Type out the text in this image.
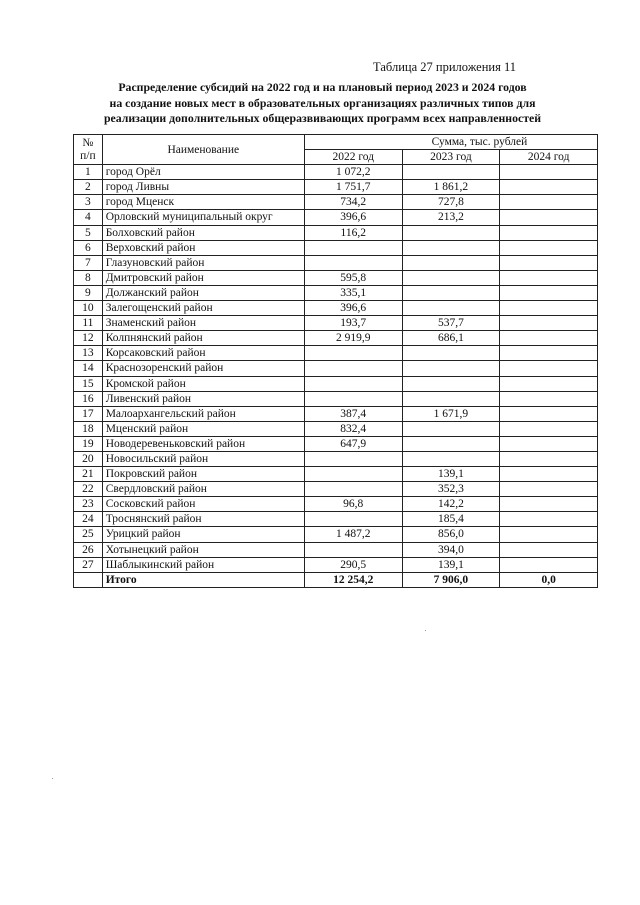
Таблица 27 приложения 11
Распределение субсидий на 2022 год и на плановый период 2023 и 2024 годов
на создание новых мест в образовательных организациях различных типов для
реализации дополнительных общеразвивающих программ всех направленностей
№ п/п	Наименование	Сумма, тыс. рублей		
		2022 год	2023 год	2024 год
1	город Орёл	1 072,2		
2	город Ливны	1 751,7	1 861,2	
3	город Мценск	734,2	727,8	
4	Орловский муниципальный округ	396,6	213,2	
5	Болховский район	116,2		
6	Верховский район			
7	Глазуновский район			
8	Дмитровский район	595,8		
9	Должанский район	335,1		
10	Залегощенский район	396,6		
11	Знаменский район	193,7	537,7	
12	Колпнянский район	2 919,9	686,1	
13	Корсаковский район			
14	Краснозоренский район			
15	Кромской район			
16	Ливенский район			
17	Малоархангельский район	387,4	1 671,9	
18	Мценский район	832,4		
19	Новодеревеньковский район	647,9		
20	Новосильский район			
21	Покровский район		139,1	
22	Свердловский район		352,3	
23	Сосковский район	96,8	142,2	
24	Троснянский район		185,4	
25	Урицкий район	1 487,2	856,0	
26	Хотынецкий район		394,0	
27	Шаблыкинский район	290,5	139,1	
	Итого	12 254,2	7 906,0	0,0
